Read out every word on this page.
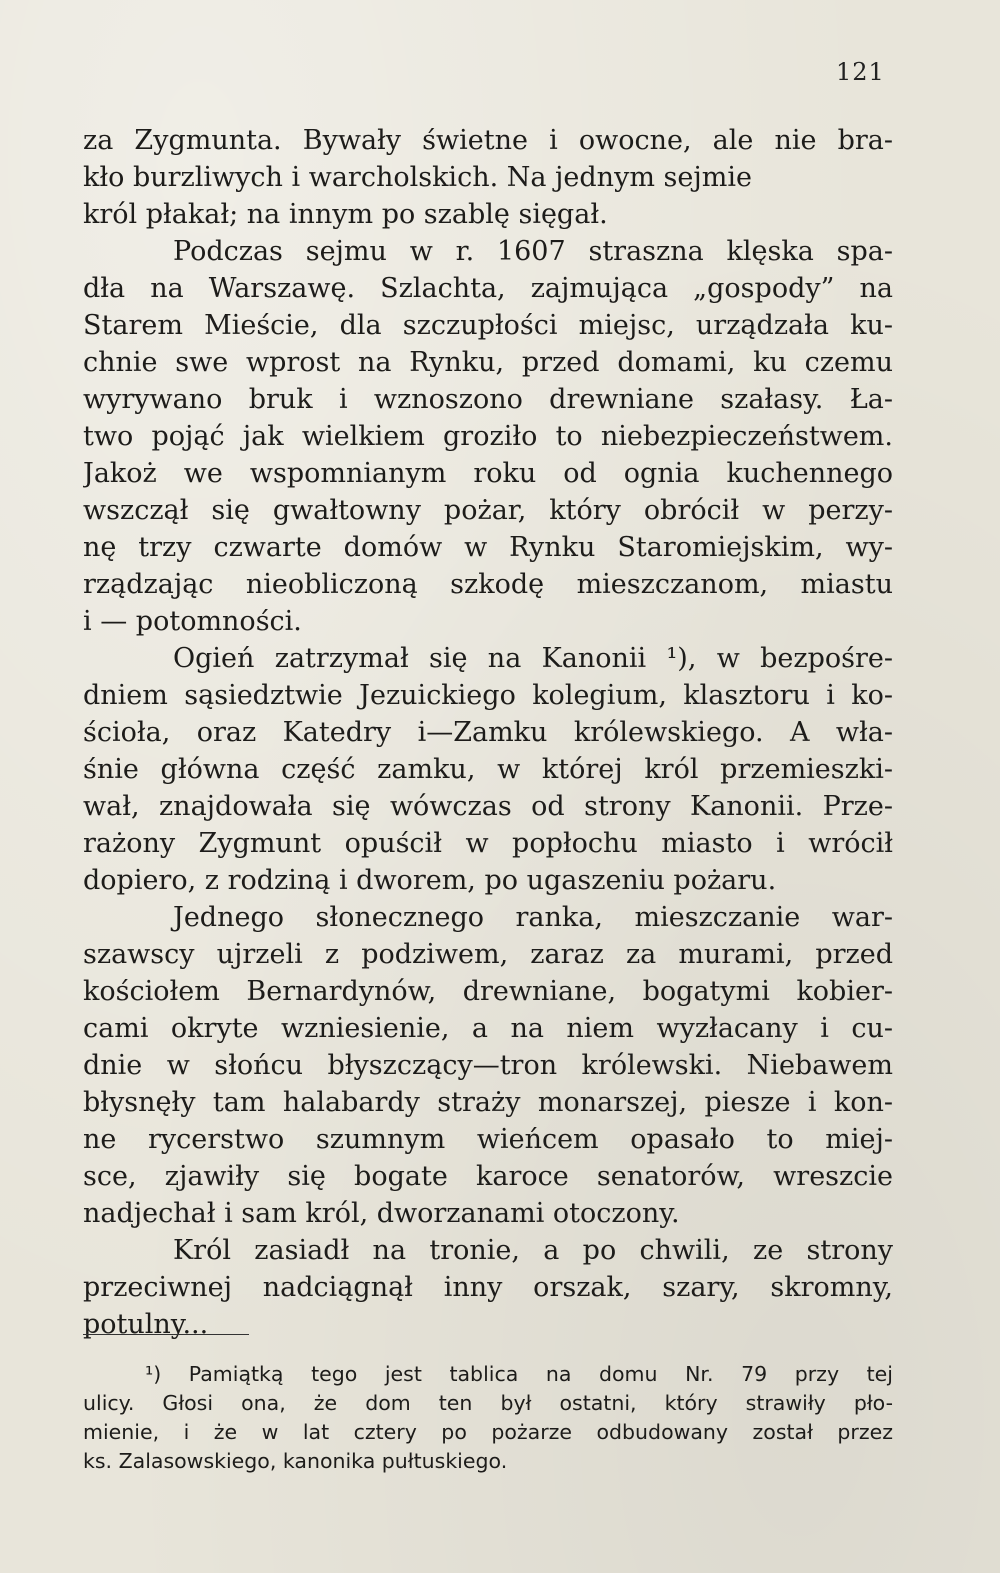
121
za Zygmunta. Bywały świetne i owocne, ale nie bra-
kło burzliwych i warcholskich. Na jednym sejmie
król płakał; na innym po szablę sięgał.
Podczas sejmu w r. 1607 straszna klęska spa-
dła na Warszawę. Szlachta, zajmująca „gospody” na
Starem Mieście, dla szczupłości miejsc, urządzała ku-
chnie swe wprost na Rynku, przed domami, ku czemu
wyrywano bruk i wznoszono drewniane szałasy. Ła-
two pojąć jak wielkiem groziło to niebezpieczeństwem.
Jakoż we wspomnianym roku od ognia kuchennego
wszczął się gwałtowny pożar, który obrócił w perzy-
nę trzy czwarte domów w Rynku Staromiejskim, wy-
rządzając nieobliczoną szkodę mieszczanom, miastu
i — potomności.
Ogień zatrzymał się na Kanonii ¹), w bezpośre-
dniem sąsiedztwie Jezuickiego kolegium, klasztoru i ko-
ścioła, oraz Katedry i—Zamku królewskiego. A wła-
śnie główna część zamku, w której król przemieszki-
wał, znajdowała się wówczas od strony Kanonii. Prze-
rażony Zygmunt opuścił w popłochu miasto i wrócił
dopiero, z rodziną i dworem, po ugaszeniu pożaru.
Jednego słonecznego ranka, mieszczanie war-
szawscy ujrzeli z podziwem, zaraz za murami, przed
kościołem Bernardynów, drewniane, bogatymi kobier-
cami okryte wzniesienie, a na niem wyzłacany i cu-
dnie w słońcu błyszczący—tron królewski. Niebawem
błysnęły tam halabardy straży monarszej, piesze i kon-
ne rycerstwo szumnym wieńcem opasało to miej-
sce, zjawiły się bogate karoce senatorów, wreszcie
nadjechał i sam król, dworzanami otoczony.
Król zasiadł na tronie, a po chwili, ze strony
przeciwnej nadciągnął inny orszak, szary, skromny,
potulny...
¹) Pamiątką tego jest tablica na domu Nr. 79 przy tej
ulicy. Głosi ona, że dom ten był ostatni, który strawiły pło-
mienie, i że w lat cztery po pożarze odbudowany został przez
ks. Zalasowskiego, kanonika pułtuskiego.
